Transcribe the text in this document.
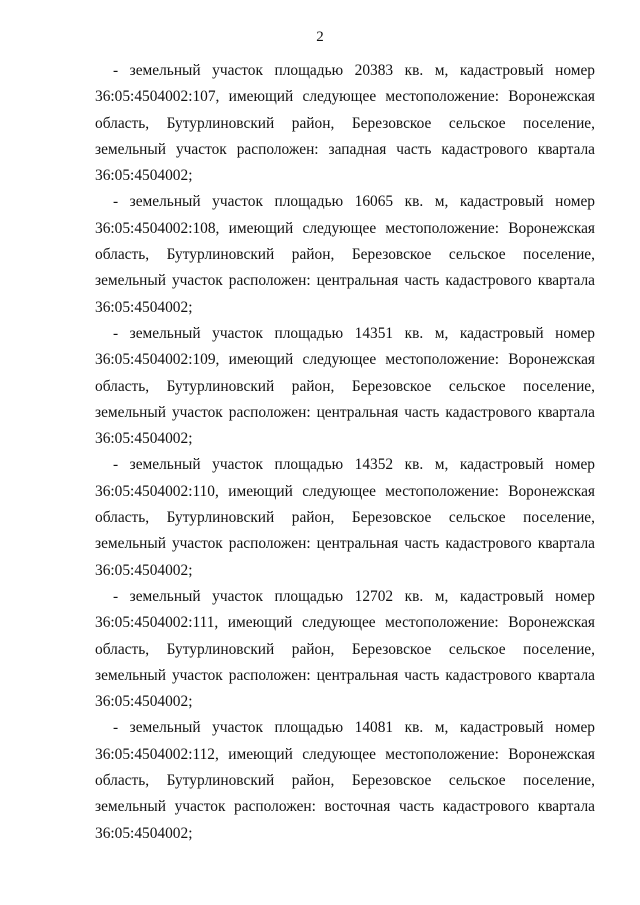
2

- земельный участок площадью 20383 кв. м, кадастровый номер 36:05:4504002:107, имеющий следующее местоположение: Воронежская область, Бутурлиновский район, Березовское сельское поселение, земельный участок расположен: западная часть кадастрового квартала 36:05:4504002;

- земельный участок площадью 16065 кв. м, кадастровый номер 36:05:4504002:108, имеющий следующее местоположение: Воронежская область, Бутурлиновский район, Березовское сельское поселение, земельный участок расположен: центральная часть кадастрового квартала 36:05:4504002;

- земельный участок площадью 14351 кв. м, кадастровый номер 36:05:4504002:109, имеющий следующее местоположение: Воронежская область, Бутурлиновский район, Березовское сельское поселение, земельный участок расположен: центральная часть кадастрового квартала 36:05:4504002;

- земельный участок площадью 14352 кв. м, кадастровый номер 36:05:4504002:110, имеющий следующее местоположение: Воронежская область, Бутурлиновский район, Березовское сельское поселение, земельный участок расположен: центральная часть кадастрового квартала 36:05:4504002;

- земельный участок площадью 12702 кв. м, кадастровый номер 36:05:4504002:111, имеющий следующее местоположение: Воронежская область, Бутурлиновский район, Березовское сельское поселение, земельный участок расположен: центральная часть кадастрового квартала 36:05:4504002;

- земельный участок площадью 14081 кв. м, кадастровый номер 36:05:4504002:112, имеющий следующее местоположение: Воронежская область, Бутурлиновский район, Березовское сельское поселение, земельный участок расположен: восточная часть кадастрового квартала 36:05:4504002;
